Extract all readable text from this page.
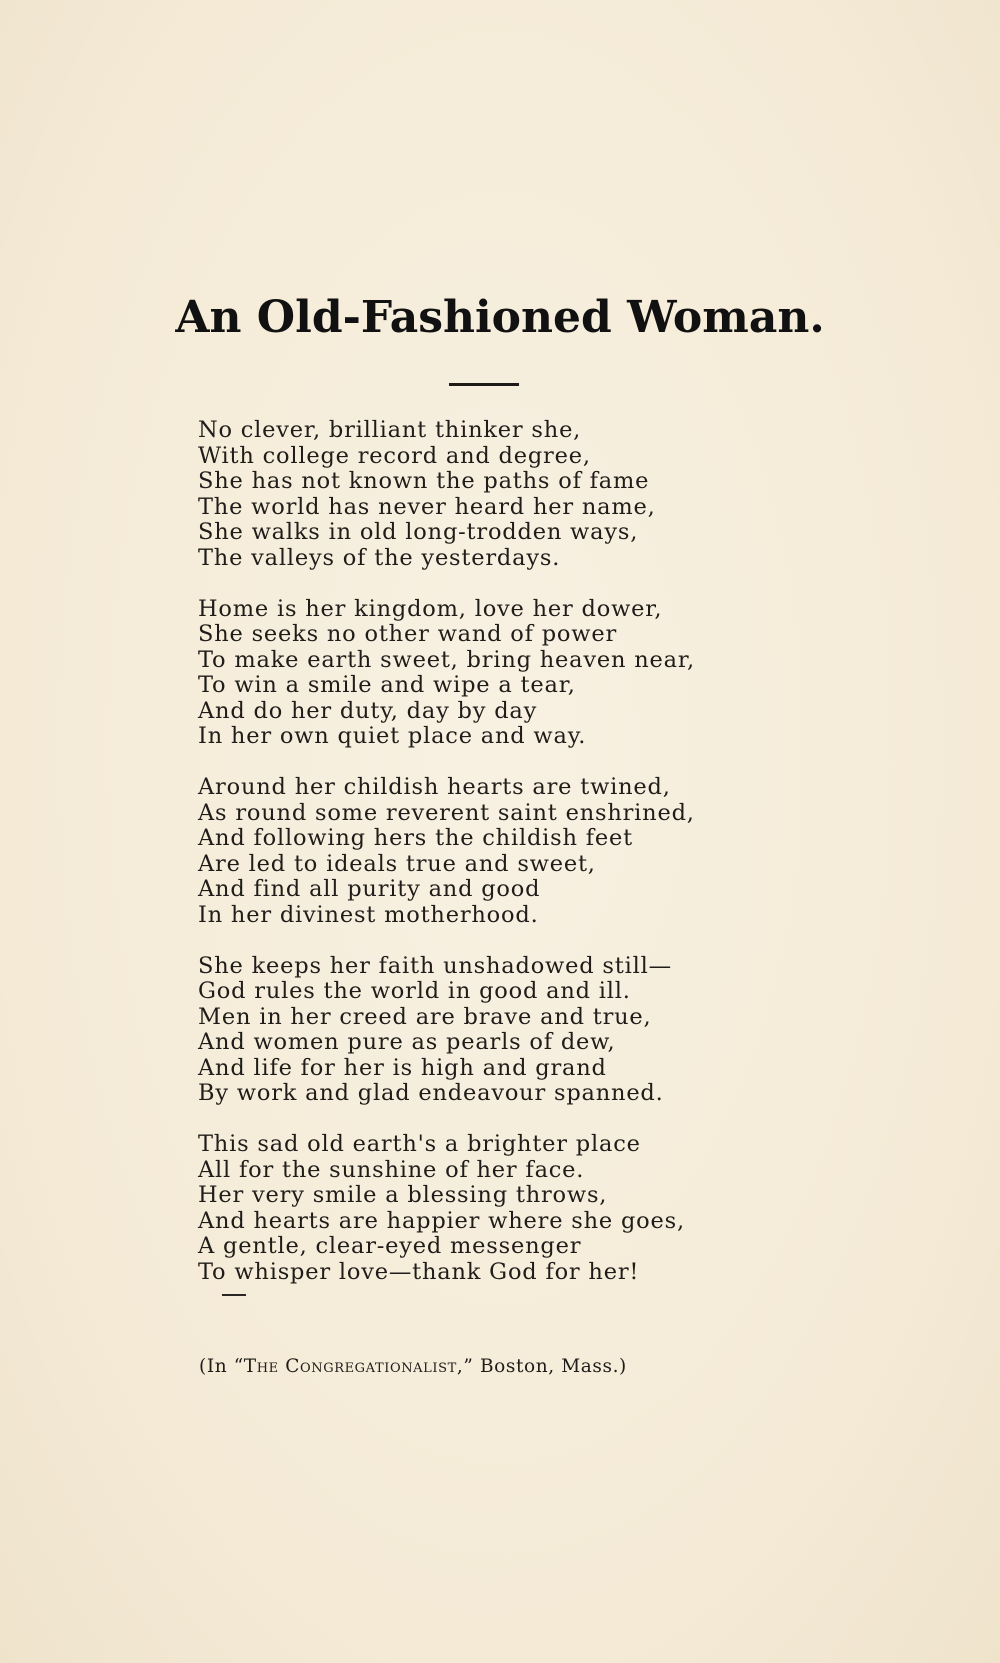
An Old-Fashioned Woman.
No clever, brilliant thinker she,
With college record and degree,
She has not known the paths of fame
The world has never heard her name,
She walks in old long-trodden ways,
The valleys of the yesterdays.
Home is her kingdom, love her dower,
She seeks no other wand of power
To make earth sweet, bring heaven near,
To win a smile and wipe a tear,
And do her duty, day by day
In her own quiet place and way.
Around her childish hearts are twined,
As round some reverent saint enshrined,
And following hers the childish feet
Are led to ideals true and sweet,
And find all purity and good
In her divinest motherhood.
She keeps her faith unshadowed still—
God rules the world in good and ill.
Men in her creed are brave and true,
And women pure as pearls of dew,
And life for her is high and grand
By work and glad endeavour spanned.
This sad old earth's a brighter place
All for the sunshine of her face.
Her very smile a blessing throws,
And hearts are happier where she goes,
A gentle, clear-eyed messenger
To whisper love—thank God for her!
(In “The Congregationalist,” Boston, Mass.)
